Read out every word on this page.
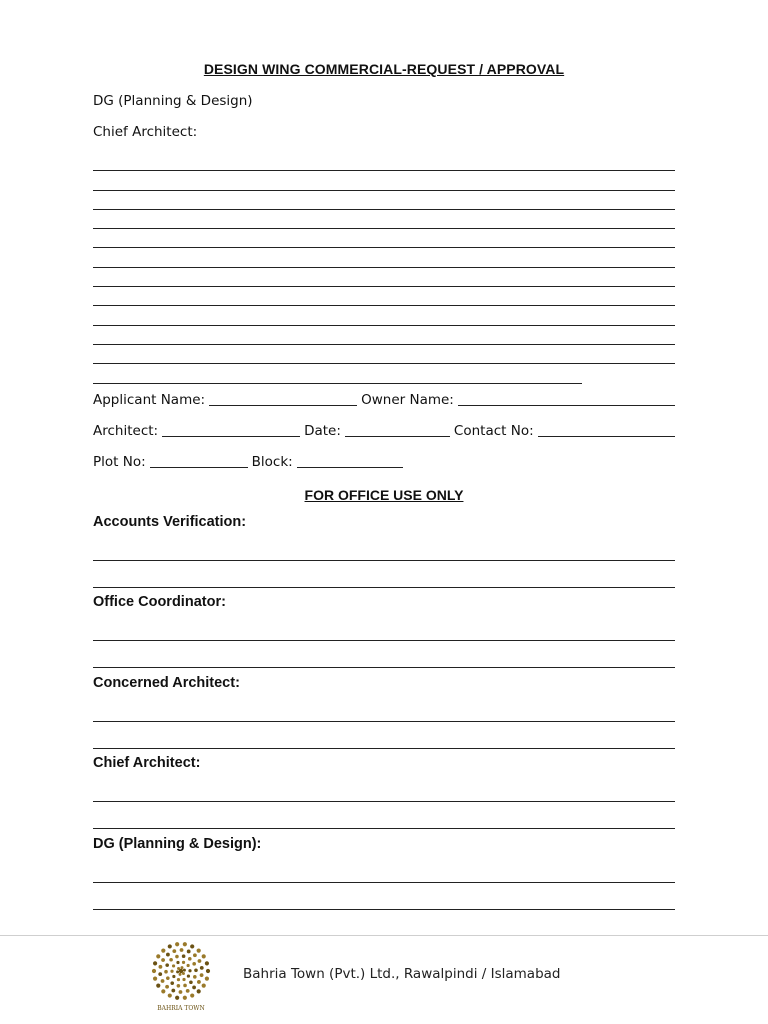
DESIGN WING COMMERCIAL-REQUEST / APPROVAL
DG (Planning & Design)
Chief Architect:
Applicant Name:	Owner Name:
Architect:	Date:	Contact No:
Plot No:	Block:
FOR OFFICE USE ONLY
Accounts Verification:
Office Coordinator:
Concerned Architect:
Chief Architect:
DG (Planning & Design):
BAHRIA TOWN
Bahria Town (Pvt.) Ltd., Rawalpindi / Islamabad
